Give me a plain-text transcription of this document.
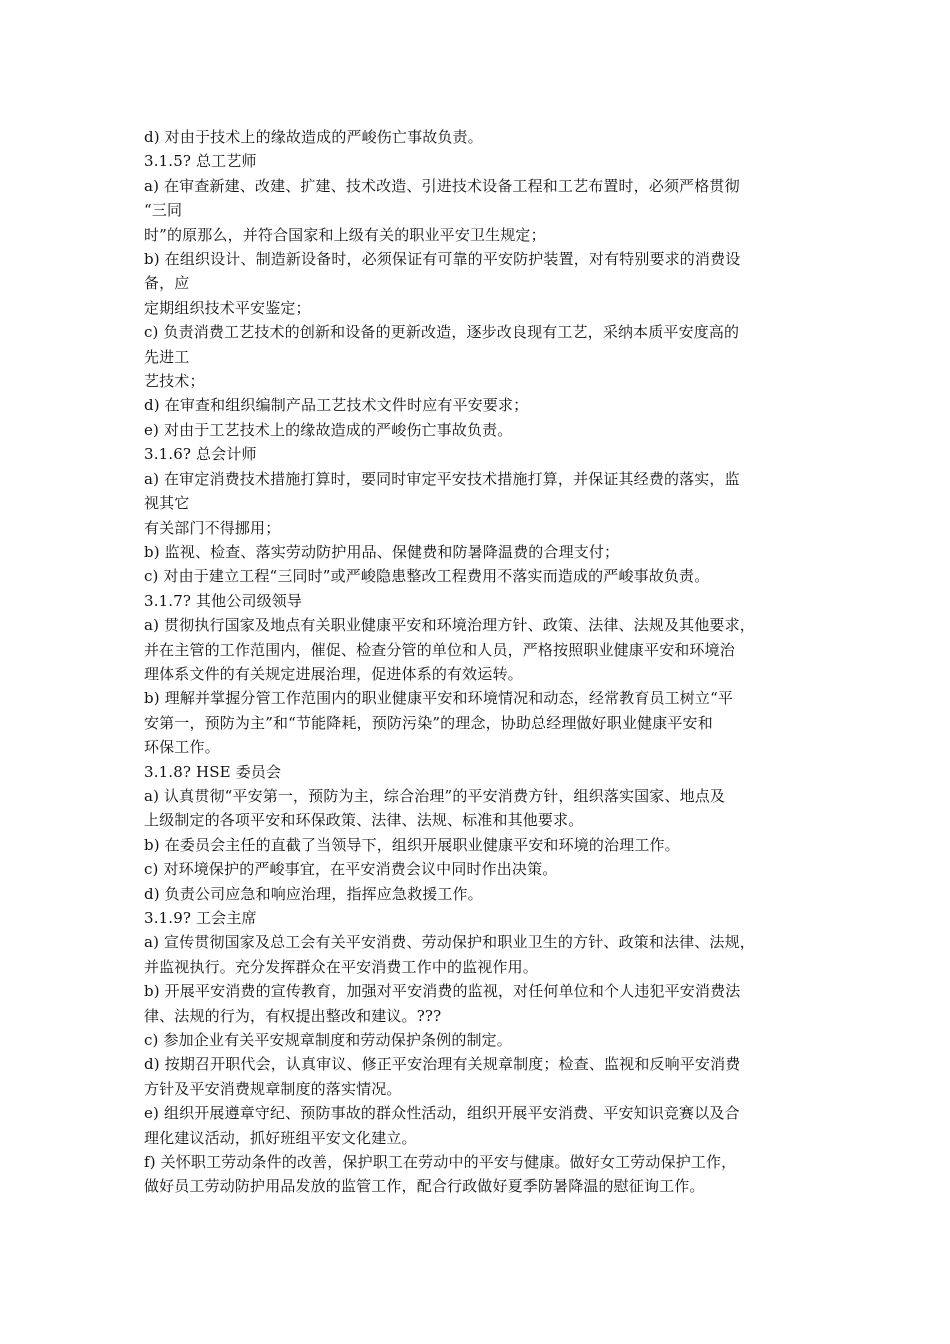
d) 对由于技术上的缘故造成的严峻伤亡事故负责。
3.1.5? 总工艺师
a) 在审查新建、改建、扩建、技术改造、引进技术设备工程和工艺布置时，必须严格贯彻
“三同
时”的原那么，并符合国家和上级有关的职业平安卫生规定；
b) 在组织设计、制造新设备时，必须保证有可靠的平安防护装置，对有特别要求的消费设
备，应
定期组织技术平安鉴定；
c) 负责消费工艺技术的创新和设备的更新改造，逐步改良现有工艺，采纳本质平安度高的
先进工
艺技术；
d) 在审查和组织编制产品工艺技术文件时应有平安要求；
e) 对由于工艺技术上的缘故造成的严峻伤亡事故负责。
3.1.6? 总会计师
a) 在审定消费技术措施打算时，要同时审定平安技术措施打算，并保证其经费的落实，监
视其它
有关部门不得挪用；
b) 监视、检查、落实劳动防护用品、保健费和防暑降温费的合理支付；
c) 对由于建立工程“三同时”或严峻隐患整改工程费用不落实而造成的严峻事故负责。
3.1.7? 其他公司级领导
a) 贯彻执行国家及地点有关职业健康平安和环境治理方针、政策、法律、法规及其他要求，
并在主管的工作范围内，催促、检查分管的单位和人员，严格按照职业健康平安和环境治
理体系文件的有关规定进展治理，促进体系的有效运转。
b) 理解并掌握分管工作范围内的职业健康平安和环境情况和动态，经常教育员工树立“平
安第一，预防为主”和“节能降耗，预防污染”的理念，协助总经理做好职业健康平安和
环保工作。
3.1.8? HSE 委员会
a) 认真贯彻“平安第一，预防为主，综合治理”的平安消费方针，组织落实国家、地点及
上级制定的各项平安和环保政策、法律、法规、标准和其他要求。
b) 在委员会主任的直截了当领导下，组织开展职业健康平安和环境的治理工作。
c) 对环境保护的严峻事宜，在平安消费会议中同时作出决策。
d) 负责公司应急和响应治理，指挥应急救援工作。
3.1.9? 工会主席
a) 宣传贯彻国家及总工会有关平安消费、劳动保护和职业卫生的方针、政策和法律、法规，
并监视执行。充分发挥群众在平安消费工作中的监视作用。
b) 开展平安消费的宣传教育，加强对平安消费的监视，对任何单位和个人违犯平安消费法
律、法规的行为，有权提出整改和建议。???
c) 参加企业有关平安规章制度和劳动保护条例的制定。
d) 按期召开职代会，认真审议、修正平安治理有关规章制度；检查、监视和反响平安消费
方针及平安消费规章制度的落实情况。
e) 组织开展遵章守纪、预防事故的群众性活动，组织开展平安消费、平安知识竞赛以及合
理化建议活动，抓好班组平安文化建立。
f) 关怀职工劳动条件的改善，保护职工在劳动中的平安与健康。做好女工劳动保护工作，
做好员工劳动防护用品发放的监管工作，配合行政做好夏季防暑降温的慰征询工作。
